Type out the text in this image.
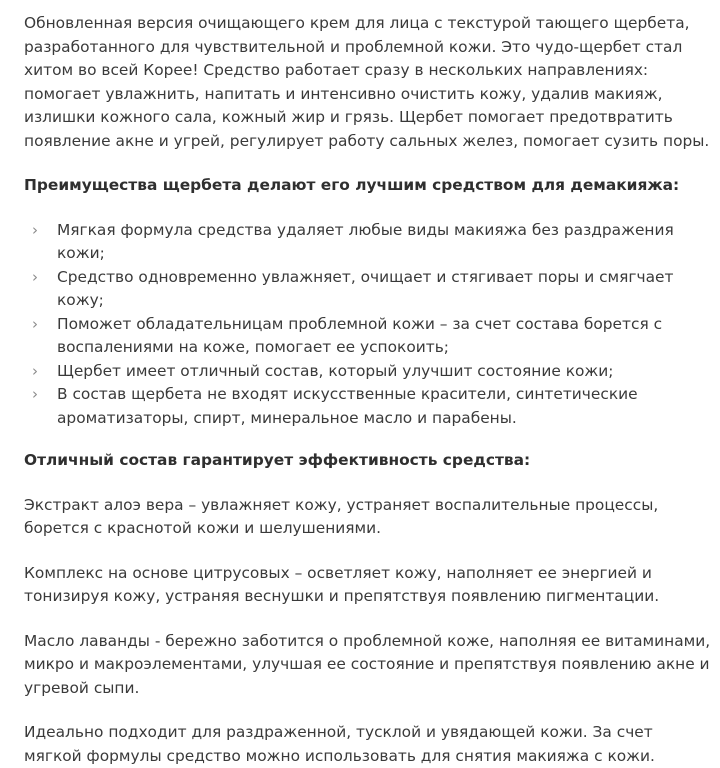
Обновленная версия очищающего крем для лица с текстурой тающего щербета, разработанного для чувствительной и проблемной кожи. Это чудо-щербет стал хитом во всей Корее! Средство работает сразу в нескольких направлениях: помогает увлажнить, напитать и интенсивно очистить кожу, удалив макияж, излишки кожного сала, кожный жир и грязь. Щербет помогает предотвратить появление акне и угрей, регулирует работу сальных желез, помогает сузить поры.

Преимущества щербета делают его лучшим средством для демакияжа:
› Мягкая формула средства удаляет любые виды макияжа без раздражения кожи;
› Средство одновременно увлажняет, очищает и стягивает поры и смягчает кожу;
› Поможет обладательницам проблемной кожи – за счет состава борется с воспалениями на коже, помогает ее успокоить;
› Щербет имеет отличный состав, который улучшит состояние кожи;
› В состав щербета не входят искусственные красители, синтетические ароматизаторы, спирт, минеральное масло и парабены.
Отличный состав гарантирует эффективность средства:

Экстракт алоэ вера – увлажняет кожу, устраняет воспалительные процессы, борется с краснотой кожи и шелушениями.

Комплекс на основе цитрусовых – осветляет кожу, наполняет ее энергией и тонизируя кожу, устраняя веснушки и препятствуя появлению пигментации.

Масло лаванды - бережно заботится о проблемной коже, наполняя ее витаминами, микро и макроэлементами, улучшая ее состояние и препятствуя появлению акне и угревой сыпи.

Идеально подходит для раздраженной, тусклой и увядающей кожи. За счет мягкой формулы средство можно использовать для снятия макияжа с кожи.
